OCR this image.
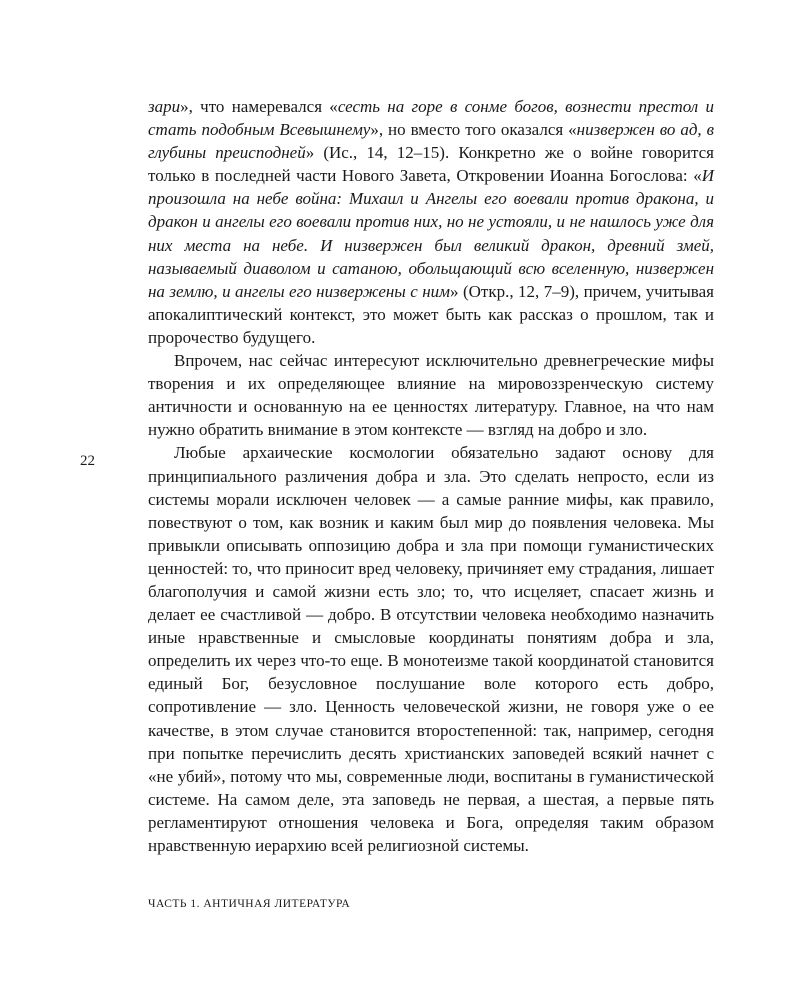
22

зари», что намеревался «сесть на горе в сонме богов, вознести престол и стать подобным Всевышнему», но вместо того оказался «низвержен во ад, в глубины преисподней» (Ис., 14, 12–15). Конкретно же о войне говорится только в последней части Нового Завета, Откровении Иоанна Богослова: «И произошла на небе война: Михаил и Ангелы его воевали против дракона, и дракон и ангелы его воевали против них, но не устояли, и не нашлось уже для них места на небе. И низвержен был великий дракон, древний змей, называемый диаволом и сатаною, обольщающий всю вселенную, низвержен на землю, и ангелы его низвержены с ним» (Откр., 12, 7–9), причем, учитывая апокалиптический контекст, это может быть как рассказ о прошлом, так и пророчество будущего.

Впрочем, нас сейчас интересуют исключительно древнегреческие мифы творения и их определяющее влияние на мировоззренческую систему античности и основанную на ее ценностях литературу. Главное, на что нам нужно обратить внимание в этом контексте — взгляд на добро и зло.

Любые архаические космологии обязательно задают основу для принципиального различения добра и зла. Это сделать непросто, если из системы морали исключен человек — а самые ранние мифы, как правило, повествуют о том, как возник и каким был мир до появления человека. Мы привыкли описывать оппозицию добра и зла при помощи гуманистических ценностей: то, что приносит вред человеку, причиняет ему страдания, лишает благополучия и самой жизни есть зло; то, что исцеляет, спасает жизнь и делает ее счастливой — добро. В отсутствии человека необходимо назначить иные нравственные и смысловые координаты понятиям добра и зла, определить их через что-то еще. В монотеизме такой координатой становится единый Бог, безусловное послушание воле которого есть добро, сопротивление — зло. Ценность человеческой жизни, не говоря уже о ее качестве, в этом случае становится второстепенной: так, например, сегодня при попытке перечислить десять христианских заповедей всякий начнет с «не убий», потому что мы, современные люди, воспитаны в гуманистической системе. На самом деле, эта заповедь не первая, а шестая, а первые пять регламентируют отношения человека и Бога, определяя таким образом нравственную иерархию всей религиозной системы.

ЧАСТЬ 1. АНТИЧНАЯ ЛИТЕРАТУРА
